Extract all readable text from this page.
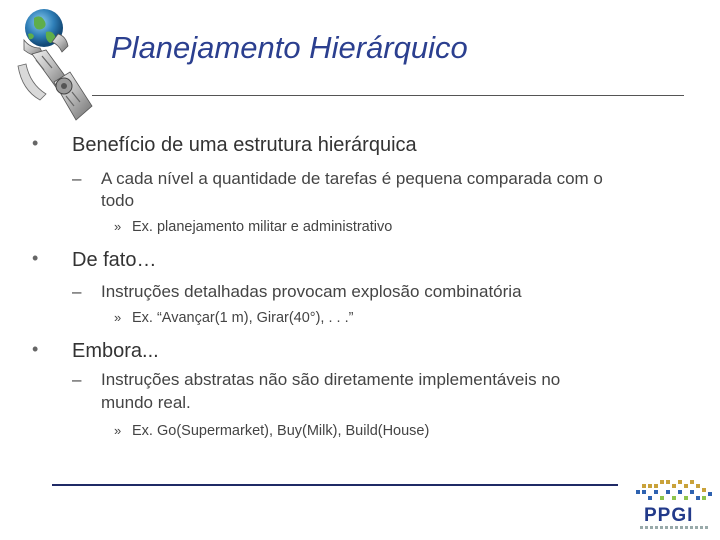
Planejamento Hierárquico
• Benefício de uma estrutura hierárquica
– A cada nível a quantidade de tarefas é pequena comparada com o
todo
» Ex. planejamento militar e administrativo
• De fato…
– Instruções detalhadas provocam explosão combinatória
» Ex. “Avançar(1 m), Girar(40°), . . .”
• Embora...
– Instruções abstratas não são diretamente implementáveis no
mundo real.
» Ex. Go(Supermarket), Buy(Milk), Build(House)
PPGI
